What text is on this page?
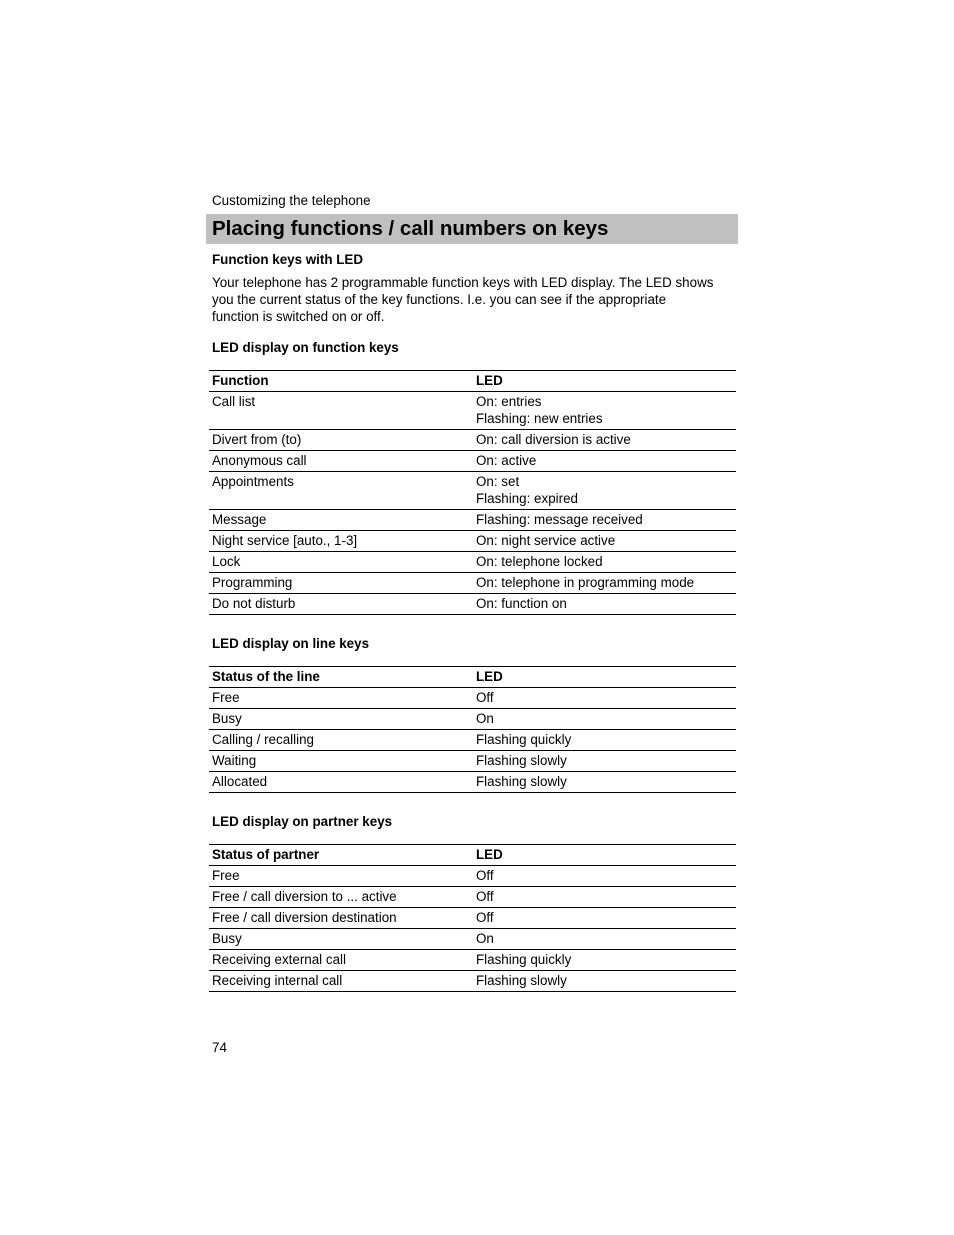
Customizing the telephone
Placing functions / call numbers on keys
Function keys with LED
Your telephone has 2 programmable function keys with LED display. The LED shows
you the current status of the key functions. I.e. you can see if the appropriate
function is switched on or off.
LED display on function keys
Function	LED
Call list	On: entries
Flashing: new entries

Divert from (to)	On: call diversion is active

Anonymous call	On: active

Appointments	On: set
Flashing: expired

Message	Flashing: message received

Night service [auto., 1-3]	On: night service active

Lock	On: telephone locked

Programming	On: telephone in programming mode

Do not disturb	On: function on
LED display on line keys
Status of the line	LED
Free	Off

Busy	On

Calling / recalling	Flashing quickly

Waiting	Flashing slowly

Allocated	Flashing slowly
LED display on partner keys
Status of partner	LED
Free	Off

Free / call diversion to ... active	Off

Free / call diversion destination	Off

Busy	On

Receiving external call	Flashing quickly

Receiving internal call	Flashing slowly
74
